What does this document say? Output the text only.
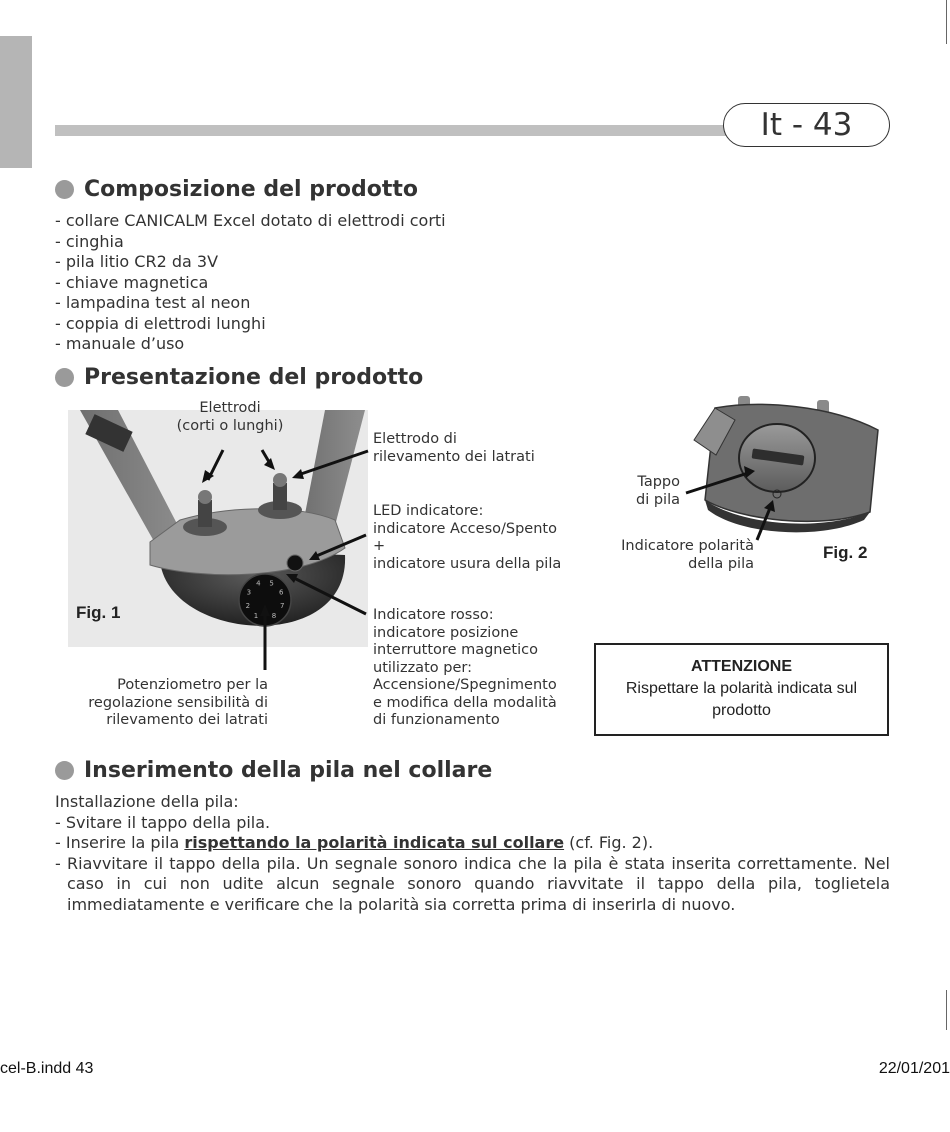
It - 43
Composizione del prodotto
- collare CANICALM Excel dotato di elettrodi corti
- cinghia
- pila litio CR2 da 3V
- chiave magnetica
- lampadina test al neon
- coppia di elettrodi lunghi
- manuale d’uso
Presentazione del prodotto
1
2
3
4 5
6
7
8
Elettrodi
(corti o lunghi)
Elettrodo di
rilevamento dei latrati
LED indicatore:
indicatore Acceso/Spento
+
indicatore usura della pila
Indicatore rosso:
indicatore posizione
interruttore magnetico
utilizzato per:
Accensione/Spegnimento
e modifica della modalità
di funzionamento
Potenziometro per la
regolazione sensibilità di
rilevamento dei latrati
Fig. 1
Tappo
di pila
Indicatore polarità
della pila
Fig. 2
ATTENZIONE
Rispettare la polarità indicata sul prodotto
Inserimento della pila nel collare

Installazione della pila:

- Svitare il tappo della pila.

- Inserire la pila rispettando la polarità indicata sul collare (cf. Fig. 2).

- Riavvitare il tappo della pila. Un segnale sonoro indica che la pila è stata inserita correttamente. Nel caso in cui non udite alcun segnale sonoro quando riavvitate il tappo della pila, toglietela immediatamente e verificare che la polarità sia corretta prima di inserirla di nuovo.

cel-B.indd 43	22/01/201
